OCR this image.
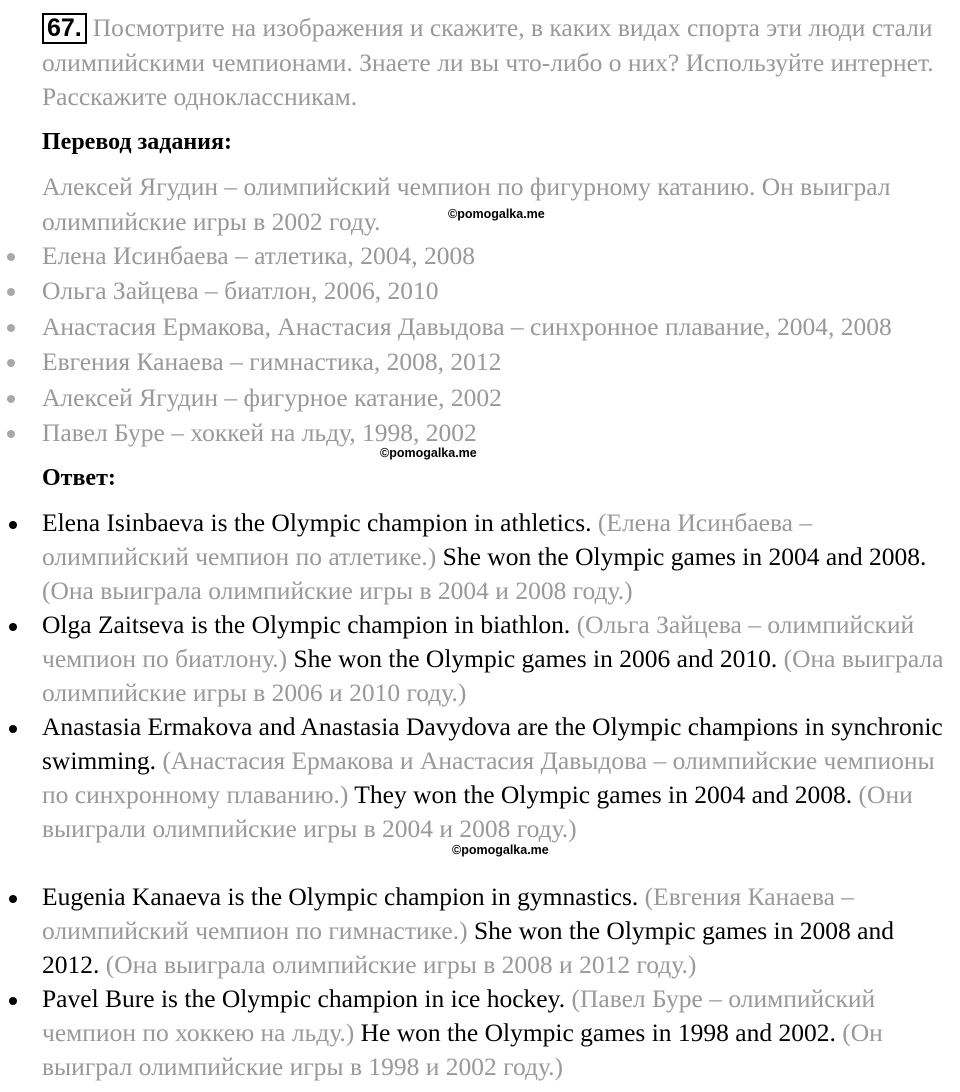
67. Посмотрите на изображения и скажите, в каких видах спорта эти люди стали олимпийскими чемпионами. Знаете ли вы что-либо о них? Используйте интернет. Расскажите одноклассникам.
Перевод задания:
Алексей Ягудин – олимпийский чемпион по фигурному катанию. Он выиграл олимпийские игры в 2002 году.
Елена Исинбаева – атлетика, 2004, 2008
Ольга Зайцева – биатлон, 2006, 2010
Анастасия Ермакова, Анастасия Давыдова – синхронное плавание, 2004, 2008
Евгения Канаева – гимнастика, 2008, 2012
Алексей Ягудин – фигурное катание, 2002
Павел Буре – хоккей на льду, 1998, 2002
Ответ:
Elena Isinbaeva is the Olympic champion in athletics. (Елена Исинбаева – олимпийский чемпион по атлетике.) She won the Olympic games in 2004 and 2008. (Она выиграла олимпийские игры в 2004 и 2008 году.)
Olga Zaitseva is the Olympic champion in biathlon. (Ольга Зайцева – олимпийский чемпион по биатлону.) She won the Olympic games in 2006 and 2010. (Она выиграла олимпийские игры в 2006 и 2010 году.)
Anastasia Ermakova and Anastasia Davydova are the Olympic champions in synchronic swimming. (Анастасия Ермакова и Анастасия Давыдова – олимпийские чемпионы по синхронному плаванию.) They won the Olympic games in 2004 and 2008. (Они выиграли олимпийские игры в 2004 и 2008 году.)
Eugenia Kanaeva is the Olympic champion in gymnastics. (Евгения Канаева – олимпийский чемпион по гимнастике.) She won the Olympic games in 2008 and 2012. (Она выиграла олимпийские игры в 2008 и 2012 году.)
Pavel Bure is the Olympic champion in ice hockey. (Павел Буре – олимпийский чемпион по хоккею на льду.) He won the Olympic games in 1998 and 2002. (Он выиграл олимпийские игры в 1998 и 2002 году.)
©pomogalka.me
©pomogalka.me
©pomogalka.me
